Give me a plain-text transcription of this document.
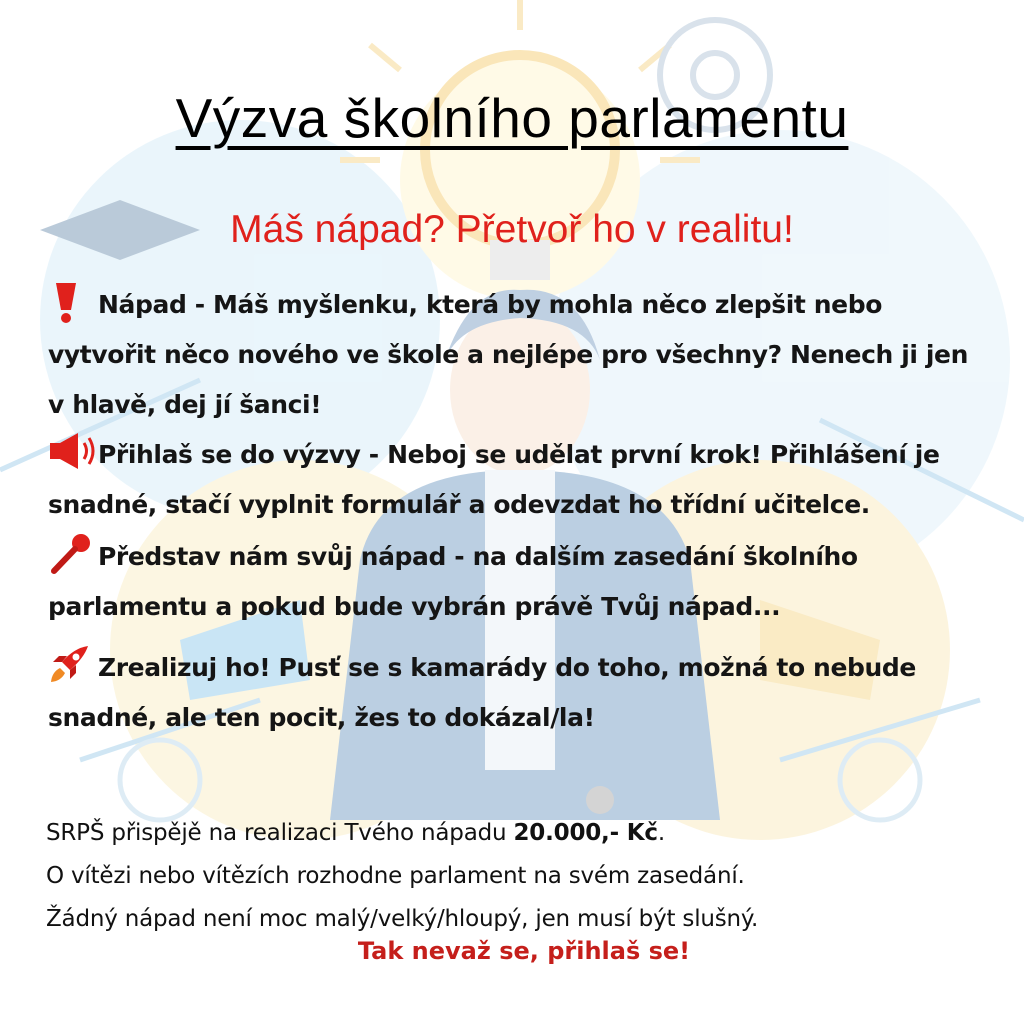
Výzva školního parlamentu
Máš nápad? Přetvoř ho v realitu!
Nápad - Máš myšlenku, která by mohla něco zlepšit nebo vytvořit něco nového ve škole a nejlépe pro všechny? Nenech ji jen v hlavě, dej jí šanci!
Přihlaš se do výzvy - Neboj se udělat první krok! Přihlášení je snadné, stačí vyplnit formulář a odevzdat ho třídní učitelce.
Představ nám svůj nápad - na dalším zasedání školního parlamentu a pokud bude vybrán právě Tvůj nápad...
Zrealizuj ho! Pusť se s kamarády do toho, možná to nebude snadné, ale ten pocit, žes to dokázal/la!
SRPŠ přispějě na realizaci Tvého nápadu 20.000,- Kč.
O vítězi nebo vítězích rozhodne parlament na svém zasedání.
Žádný nápad není moc malý/velký/hloupý, jen musí být slušný.
Tak nevaž se, přihlaš se!
